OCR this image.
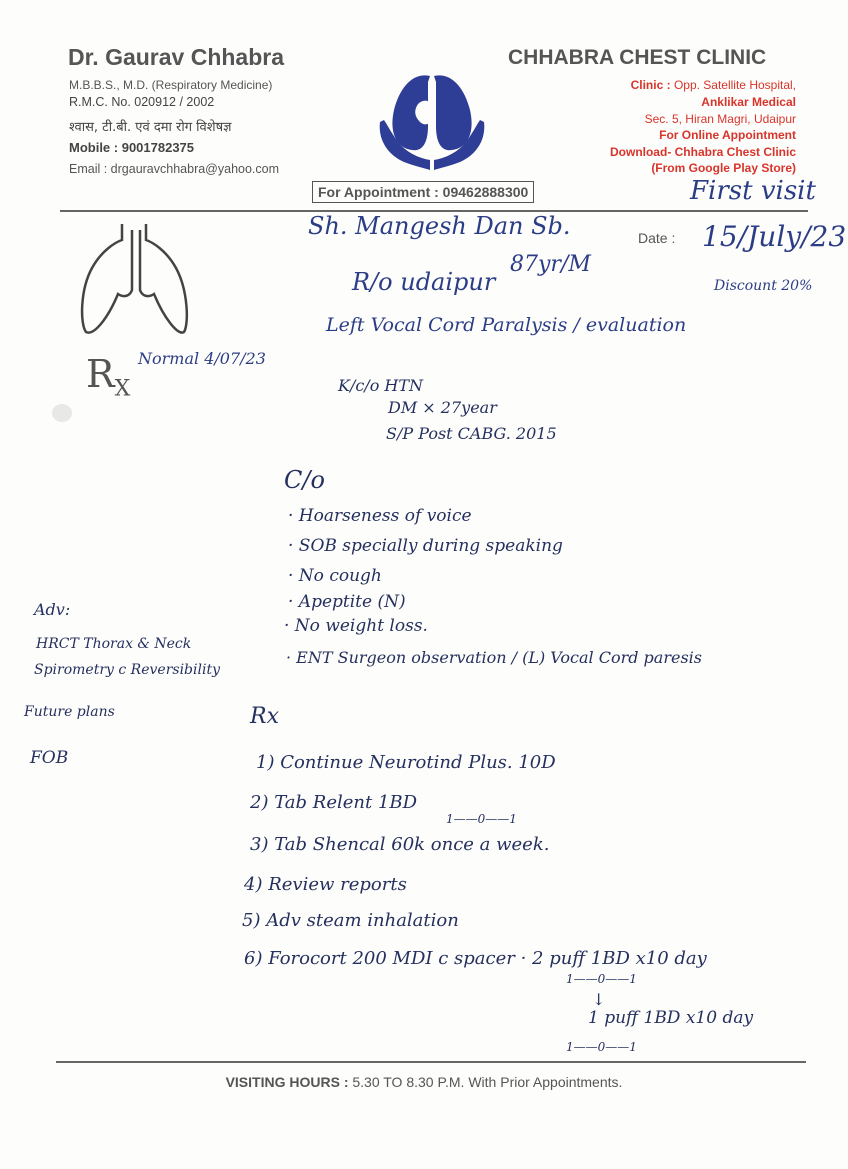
Dr. Gaurav Chhabra
M.B.B.S., M.D. (Respiratory Medicine)
R.M.C. No. 020912 / 2002
श्वास, टी.बी. एवं दमा रोग विशेषज्ञ
Mobile : 9001782375
Email : drgauravchhabra@yahoo.com
CHHABRA CHEST CLINIC
Clinic : Opp. Satellite Hospital,
Anklikar Medical
Sec. 5, Hiran Magri, Udaipur
For Online Appointment
Download- Chhabra Chest Clinic
(From Google Play Store)
For Appointment : 09462888300	First visit
Normal 4/07/23
$R_X$
Sh. Mangesh Dan Sb.	Date : 15/July/23
87yr/M
R/o udaipur	Discount 20%
Left Vocal Cord Paralysis / evaluation
K/c/o HTN
DM × 27year
S/P Post CABG. 2015
C/o
· Hoarseness of voice
· SOB specially during speaking
· No cough
· Apeptite (N)
· No weight loss.
· ENT Surgeon observation / (L) Vocal Cord paresis
Adv:
HRCT Thorax & Neck
Spirometry c Reversibility
Future plans
FOB
Rx
1) Continue Neurotind Plus. 10D
2) Tab Relent 1BD
1——0——1
3) Tab Shencal 60k once a week.
4) Review reports
5) Adv steam inhalation
6) Forocort 200 MDI c spacer · 2 puff 1BD x10 day
1——0——1
↓
1 puff 1BD x10 day
1——0——1
VISITING HOURS : 5.30 TO 8.30 P.M. With Prior Appointments.
